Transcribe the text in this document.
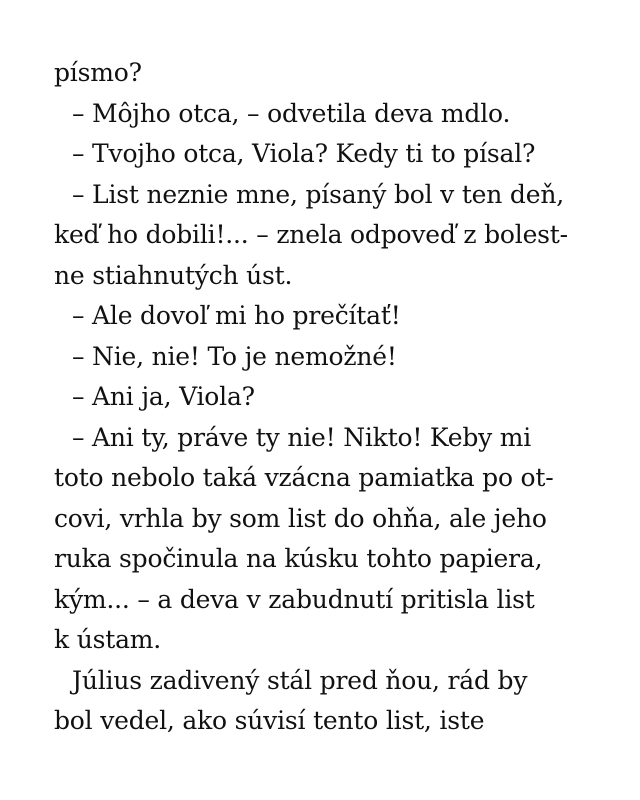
písmo?
– Môjho otca, – odvetila deva mdlo.
– Tvojho otca, Viola? Kedy ti to písal?
– List neznie mne, písaný bol v ten deň,
keď ho dobili!... – znela odpoveď z bolest-
ne stiahnutých úst.
– Ale dovoľ mi ho prečítať!
– Nie, nie! To je nemožné!
– Ani ja, Viola?
– Ani ty, práve ty nie! Nikto! Keby mi
toto nebolo taká vzácna pamiatka po ot-
covi, vrhla by som list do ohňa, ale jeho
ruka spočinula na kúsku tohto papiera,
kým... – a deva v zabudnutí pritisla list
k ústam.
Július zadivený stál pred ňou, rád by
bol vedel, ako súvisí tento list, iste
